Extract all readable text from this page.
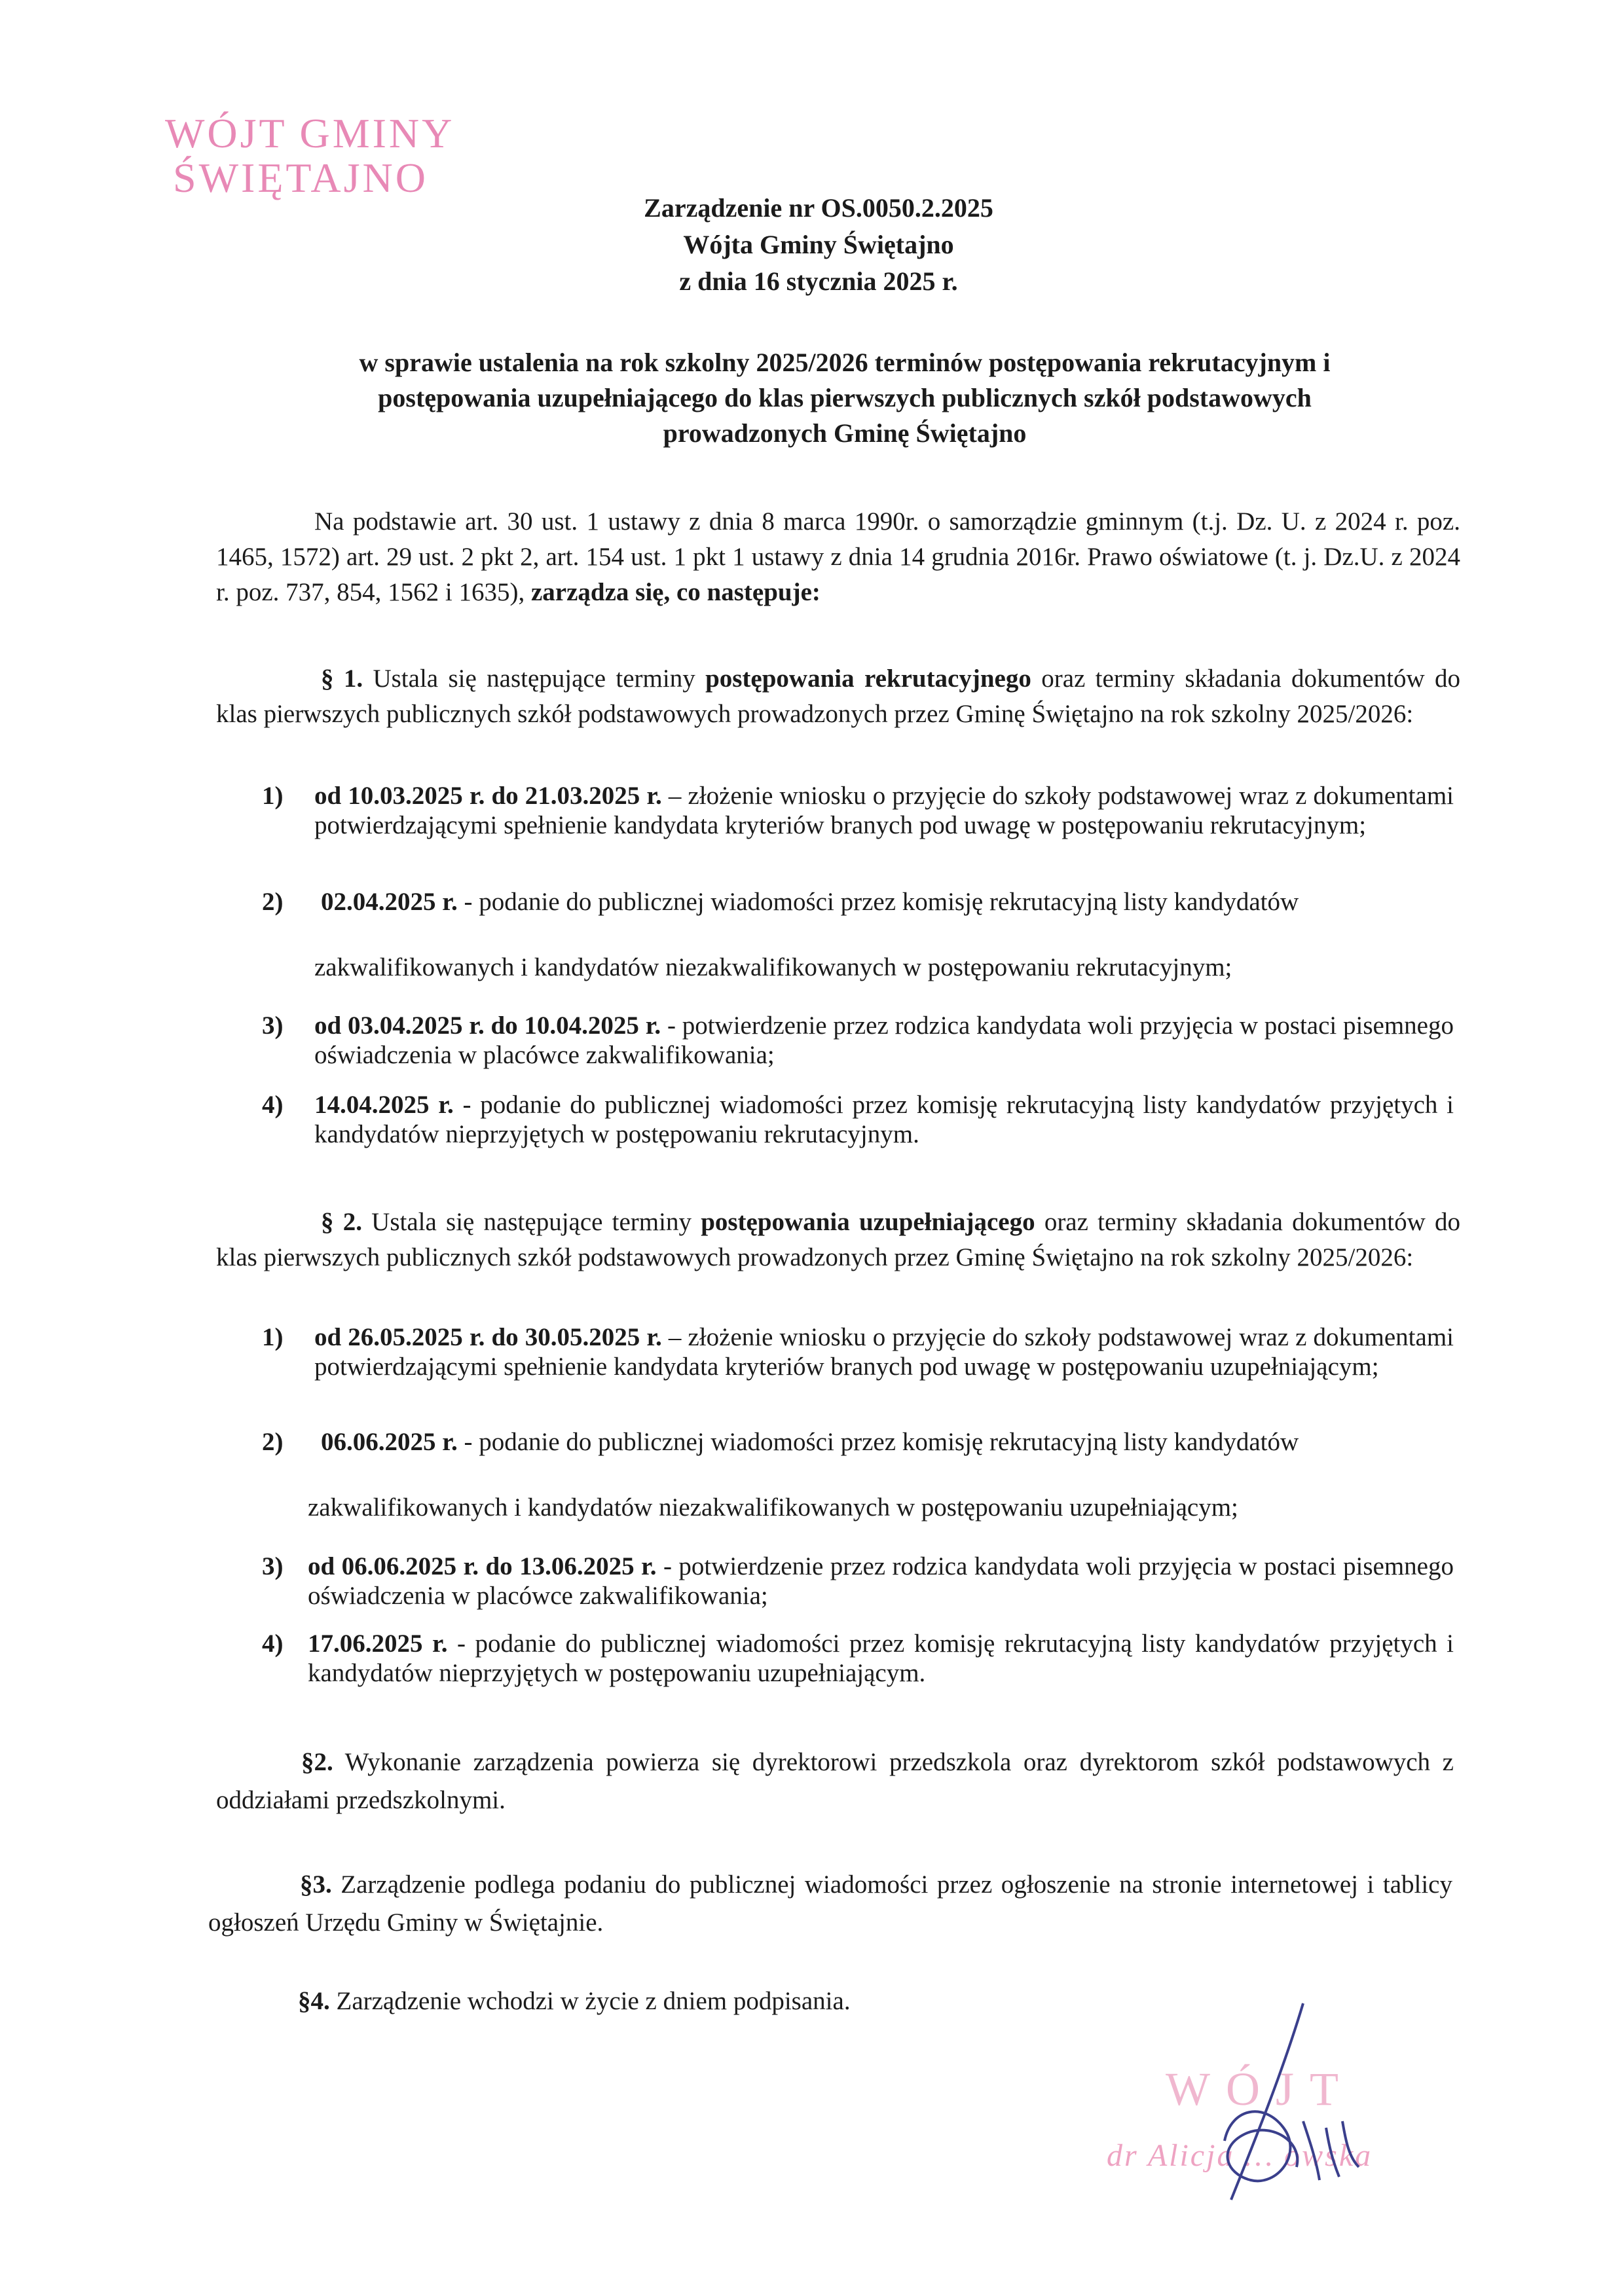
WÓJT GMINY
ŚWIĘTAJNO
Zarządzenie nr OS.0050.2.2025
Wójta Gminy Świętajno
z dnia 16 stycznia 2025 r.
w sprawie ustalenia na rok szkolny 2025/2026 terminów postępowania rekrutacyjnym i
postępowania uzupełniającego do klas pierwszych publicznych szkół podstawowych
prowadzonych Gminę Świętajno
Na podstawie art. 30 ust. 1 ustawy z dnia 8 marca 1990r. o samorządzie gminnym (t.j. Dz. U. z 2024 r. poz. 1465, 1572) art. 29 ust. 2 pkt 2, art. 154 ust. 1 pkt 1 ustawy z dnia 14 grudnia 2016r. Prawo oświatowe (t. j. Dz.U. z 2024 r. poz. 737, 854, 1562 i 1635), zarządza się, co następuje:
§ 1. Ustala się następujące terminy postępowania rekrutacyjnego oraz terminy składania dokumentów do klas pierwszych publicznych szkół podstawowych prowadzonych przez Gminę Świętajno na rok szkolny 2025/2026:
1) od 10.03.2025 r. do 21.03.2025 r. – złożenie wniosku o przyjęcie do szkoły podstawowej wraz z dokumentami potwierdzającymi spełnienie kandydata kryteriów branych pod uwagę w postępowaniu rekrutacyjnym;
2) 02.04.2025 r. - podanie do publicznej wiadomości przez komisję rekrutacyjną listy kandydatów
zakwalifikowanych i kandydatów niezakwalifikowanych w postępowaniu rekrutacyjnym;
3) od 03.04.2025 r. do 10.04.2025 r. - potwierdzenie przez rodzica kandydata woli przyjęcia w postaci pisemnego oświadczenia w placówce zakwalifikowania;
4) 14.04.2025 r. - podanie do publicznej wiadomości przez komisję rekrutacyjną listy kandydatów przyjętych i kandydatów nieprzyjętych w postępowaniu rekrutacyjnym.
§ 2. Ustala się następujące terminy postępowania uzupełniającego oraz terminy składania dokumentów do klas pierwszych publicznych szkół podstawowych prowadzonych przez Gminę Świętajno na rok szkolny 2025/2026:
1) od 26.05.2025 r. do 30.05.2025 r. – złożenie wniosku o przyjęcie do szkoły podstawowej wraz z dokumentami potwierdzającymi spełnienie kandydata kryteriów branych pod uwagę w postępowaniu uzupełniającym;
2) 06.06.2025 r. - podanie do publicznej wiadomości przez komisję rekrutacyjną listy kandydatów
zakwalifikowanych i kandydatów niezakwalifikowanych w postępowaniu uzupełniającym;
3) od 06.06.2025 r. do 13.06.2025 r. - potwierdzenie przez rodzica kandydata woli przyjęcia w postaci pisemnego oświadczenia w placówce zakwalifikowania;
4) 17.06.2025 r. - podanie do publicznej wiadomości przez komisję rekrutacyjną listy kandydatów przyjętych i kandydatów nieprzyjętych w postępowaniu uzupełniającym.
§2. Wykonanie zarządzenia powierza się dyrektorowi przedszkola oraz dyrektorom szkół podstawowych z oddziałami przedszkolnymi.
§3. Zarządzenie podlega podaniu do publicznej wiadomości przez ogłoszenie na stronie internetowej i tablicy ogłoszeń Urzędu Gminy w Świętajnie.
§4. Zarządzenie wchodzi w życie z dniem podpisania.
WÓJT
dr Alicja … owska
